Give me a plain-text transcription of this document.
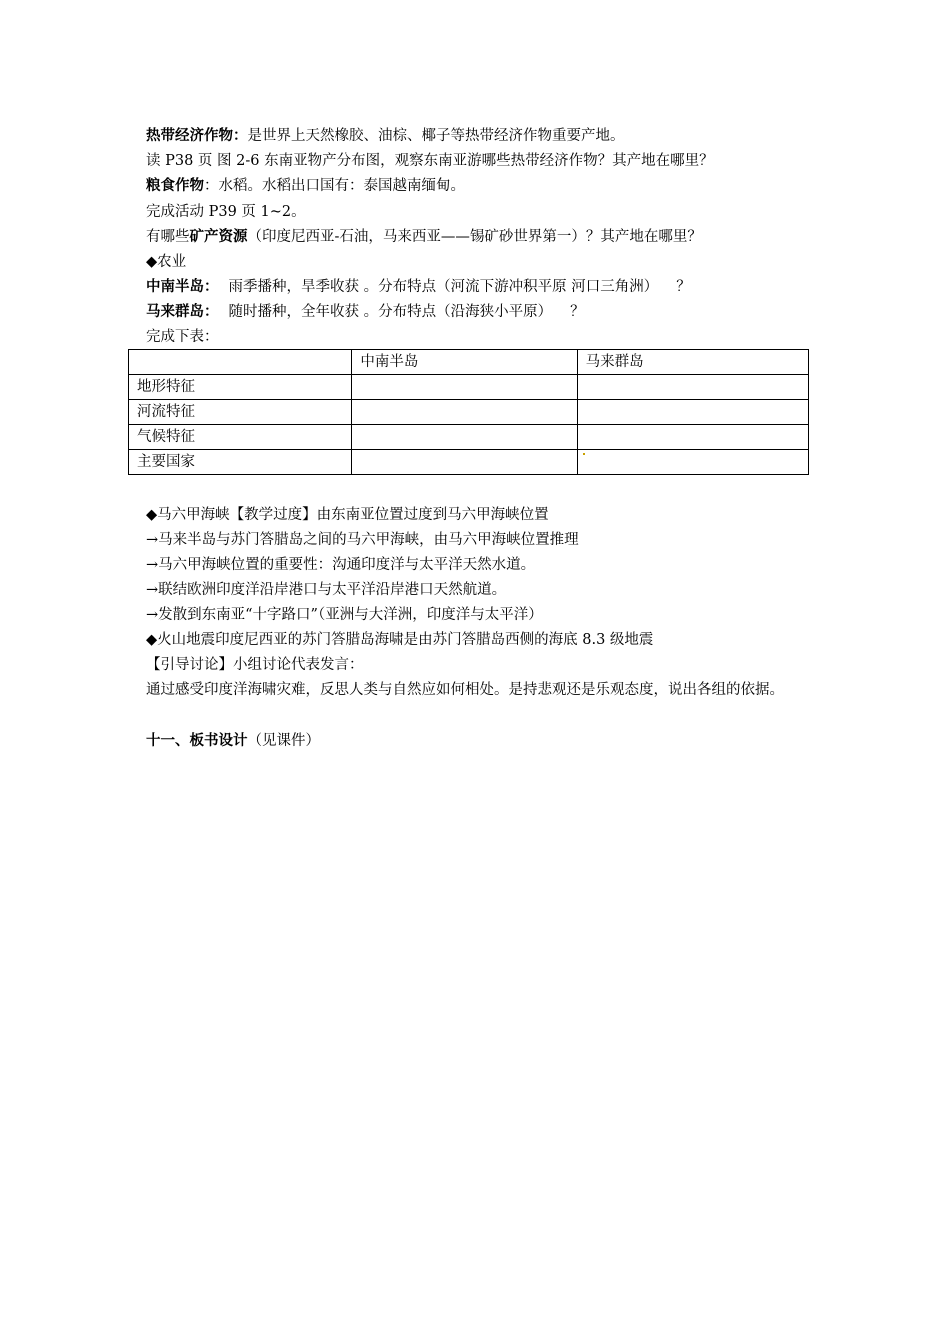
热带经济作物：是世界上天然橡胶、油棕、椰子等热带经济作物重要产地。
读 P38 页 图 2-6 东南亚物产分布图，观察东南亚游哪些热带经济作物？其产地在哪里？
粮食作物：水稻。水稻出口国有：泰国越南缅甸。
完成活动 P39 页 1~2。
有哪些矿产资源（印度尼西亚-石油，马来西亚——锡矿砂世界第一）？其产地在哪里？
◆农业
中南半岛： 雨季播种，旱季收获 。分布特点（河流下游冲积平原 河口三角洲） ？
马来群岛： 随时播种，全年收获 。分布特点（沿海狭小平原） ？
完成下表：
	中南半岛	马来群岛
地形特征		
河流特征		
气候特征		
主要国家		
◆马六甲海峡【教学过度】由东南亚位置过度到马六甲海峡位置
→马来半岛与苏门答腊岛之间的马六甲海峡，由马六甲海峡位置推理
→马六甲海峡位置的重要性：沟通印度洋与太平洋天然水道。
→联结欧洲印度洋沿岸港口与太平洋沿岸港口天然航道。
→发散到东南亚“十字路口”（亚洲与大洋洲，印度洋与太平洋）
◆火山地震印度尼西亚的苏门答腊岛海啸是由苏门答腊岛西侧的海底 8.3 级地震
【引导讨论】小组讨论代表发言：
通过感受印度洋海啸灾难，反思人类与自然应如何相处。是持悲观还是乐观态度，说出各组的依据。
十一、板书设计（见课件）
